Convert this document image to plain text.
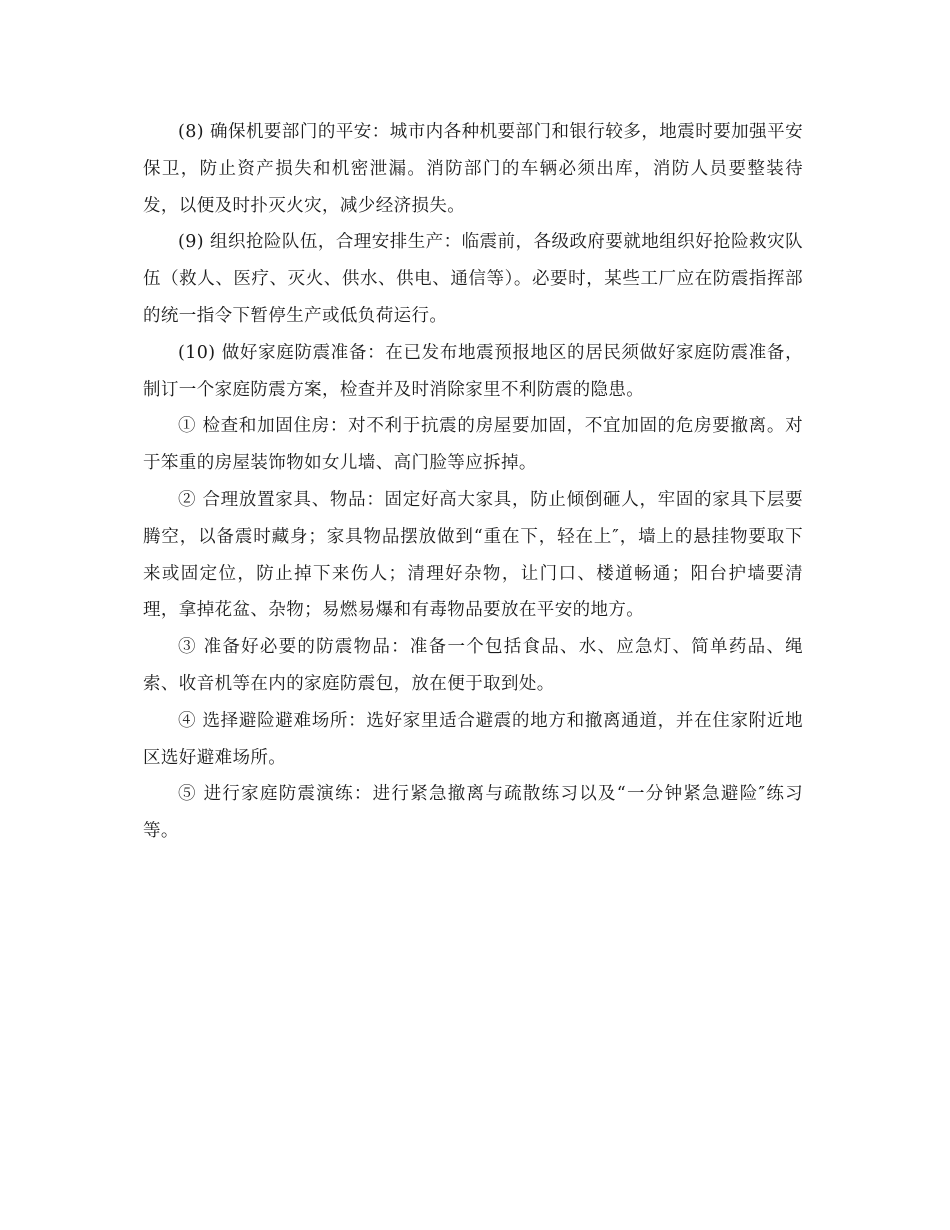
(8) 确保机要部门的平安：城市内各种机要部门和银行较多，地震时要加强平安保卫，防止资产损失和机密泄漏。消防部门的车辆必须出库，消防人员要整装待发，以便及时扑灭火灾，减少经济损失。

(9) 组织抢险队伍，合理安排生产：临震前，各级政府要就地组织好抢险救灾队伍（救人、医疗、灭火、供水、供电、通信等）。必要时，某些工厂应在防震指挥部的统一指令下暂停生产或低负荷运行。

(10) 做好家庭防震准备：在已发布地震预报地区的居民须做好家庭防震准备，制订一个家庭防震方案，检查并及时消除家里不利防震的隐患。

① 检查和加固住房：对不利于抗震的房屋要加固，不宜加固的危房要撤离。对于笨重的房屋装饰物如女儿墙、高门脸等应拆掉。

② 合理放置家具、物品：固定好高大家具，防止倾倒砸人，牢固的家具下层要腾空，以备震时藏身；家具物品摆放做到“重在下，轻在上″，墙上的悬挂物要取下来或固定位，防止掉下来伤人；清理好杂物，让门口、楼道畅通；阳台护墙要清理，拿掉花盆、杂物；易燃易爆和有毒物品要放在平安的地方。

③ 准备好必要的防震物品：准备一个包括食品、水、应急灯、简单药品、绳索、收音机等在内的家庭防震包，放在便于取到处。

④ 选择避险避难场所：选好家里适合避震的地方和撤离通道，并在住家附近地区选好避难场所。

⑤ 进行家庭防震演练：进行紧急撤离与疏散练习以及“一分钟紧急避险″练习等。
